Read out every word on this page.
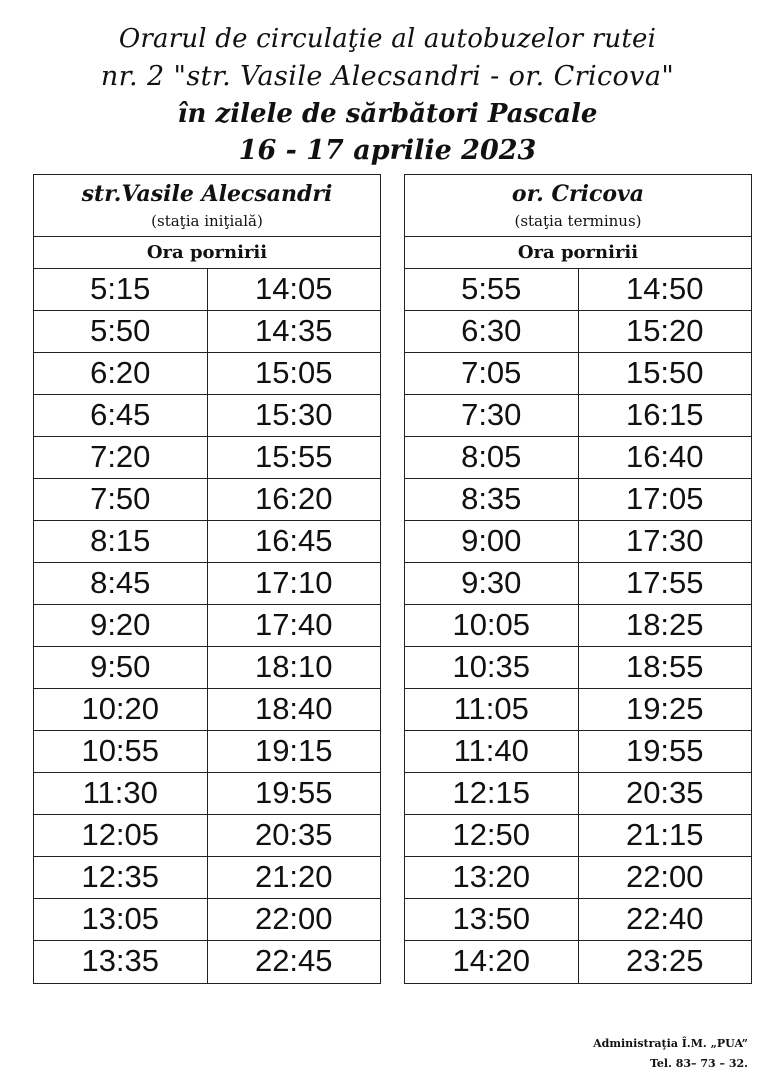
Orarul de circulaţie al autobuzelor rutei
nr. 2 "str. Vasile Alecsandri - or. Cricova"
în zilele de sărbători Pascale
16 - 17 aprilie 2023
str.Vasile Alecsandri
(staţia iniţială)
Ora pornirii
5:15	14:05
5:50	14:35
6:20	15:05
6:45	15:30
7:20	15:55
7:50	16:20
8:15	16:45
8:45	17:10
9:20	17:40
9:50	18:10
10:20	18:40
10:55	19:15
11:30	19:55
12:05	20:35
12:35	21:20
13:05	22:00
13:35	22:45
or. Cricova
(staţia terminus)
Ora pornirii
5:55	14:50
6:30	15:20
7:05	15:50
7:30	16:15
8:05	16:40
8:35	17:05
9:00	17:30
9:30	17:55
10:05	18:25
10:35	18:55
11:05	19:25
11:40	19:55
12:15	20:35
12:50	21:15
13:20	22:00
13:50	22:40
14:20	23:25
Administraţia Î.M. „PUA”
Tel. 83– 73 – 32.
